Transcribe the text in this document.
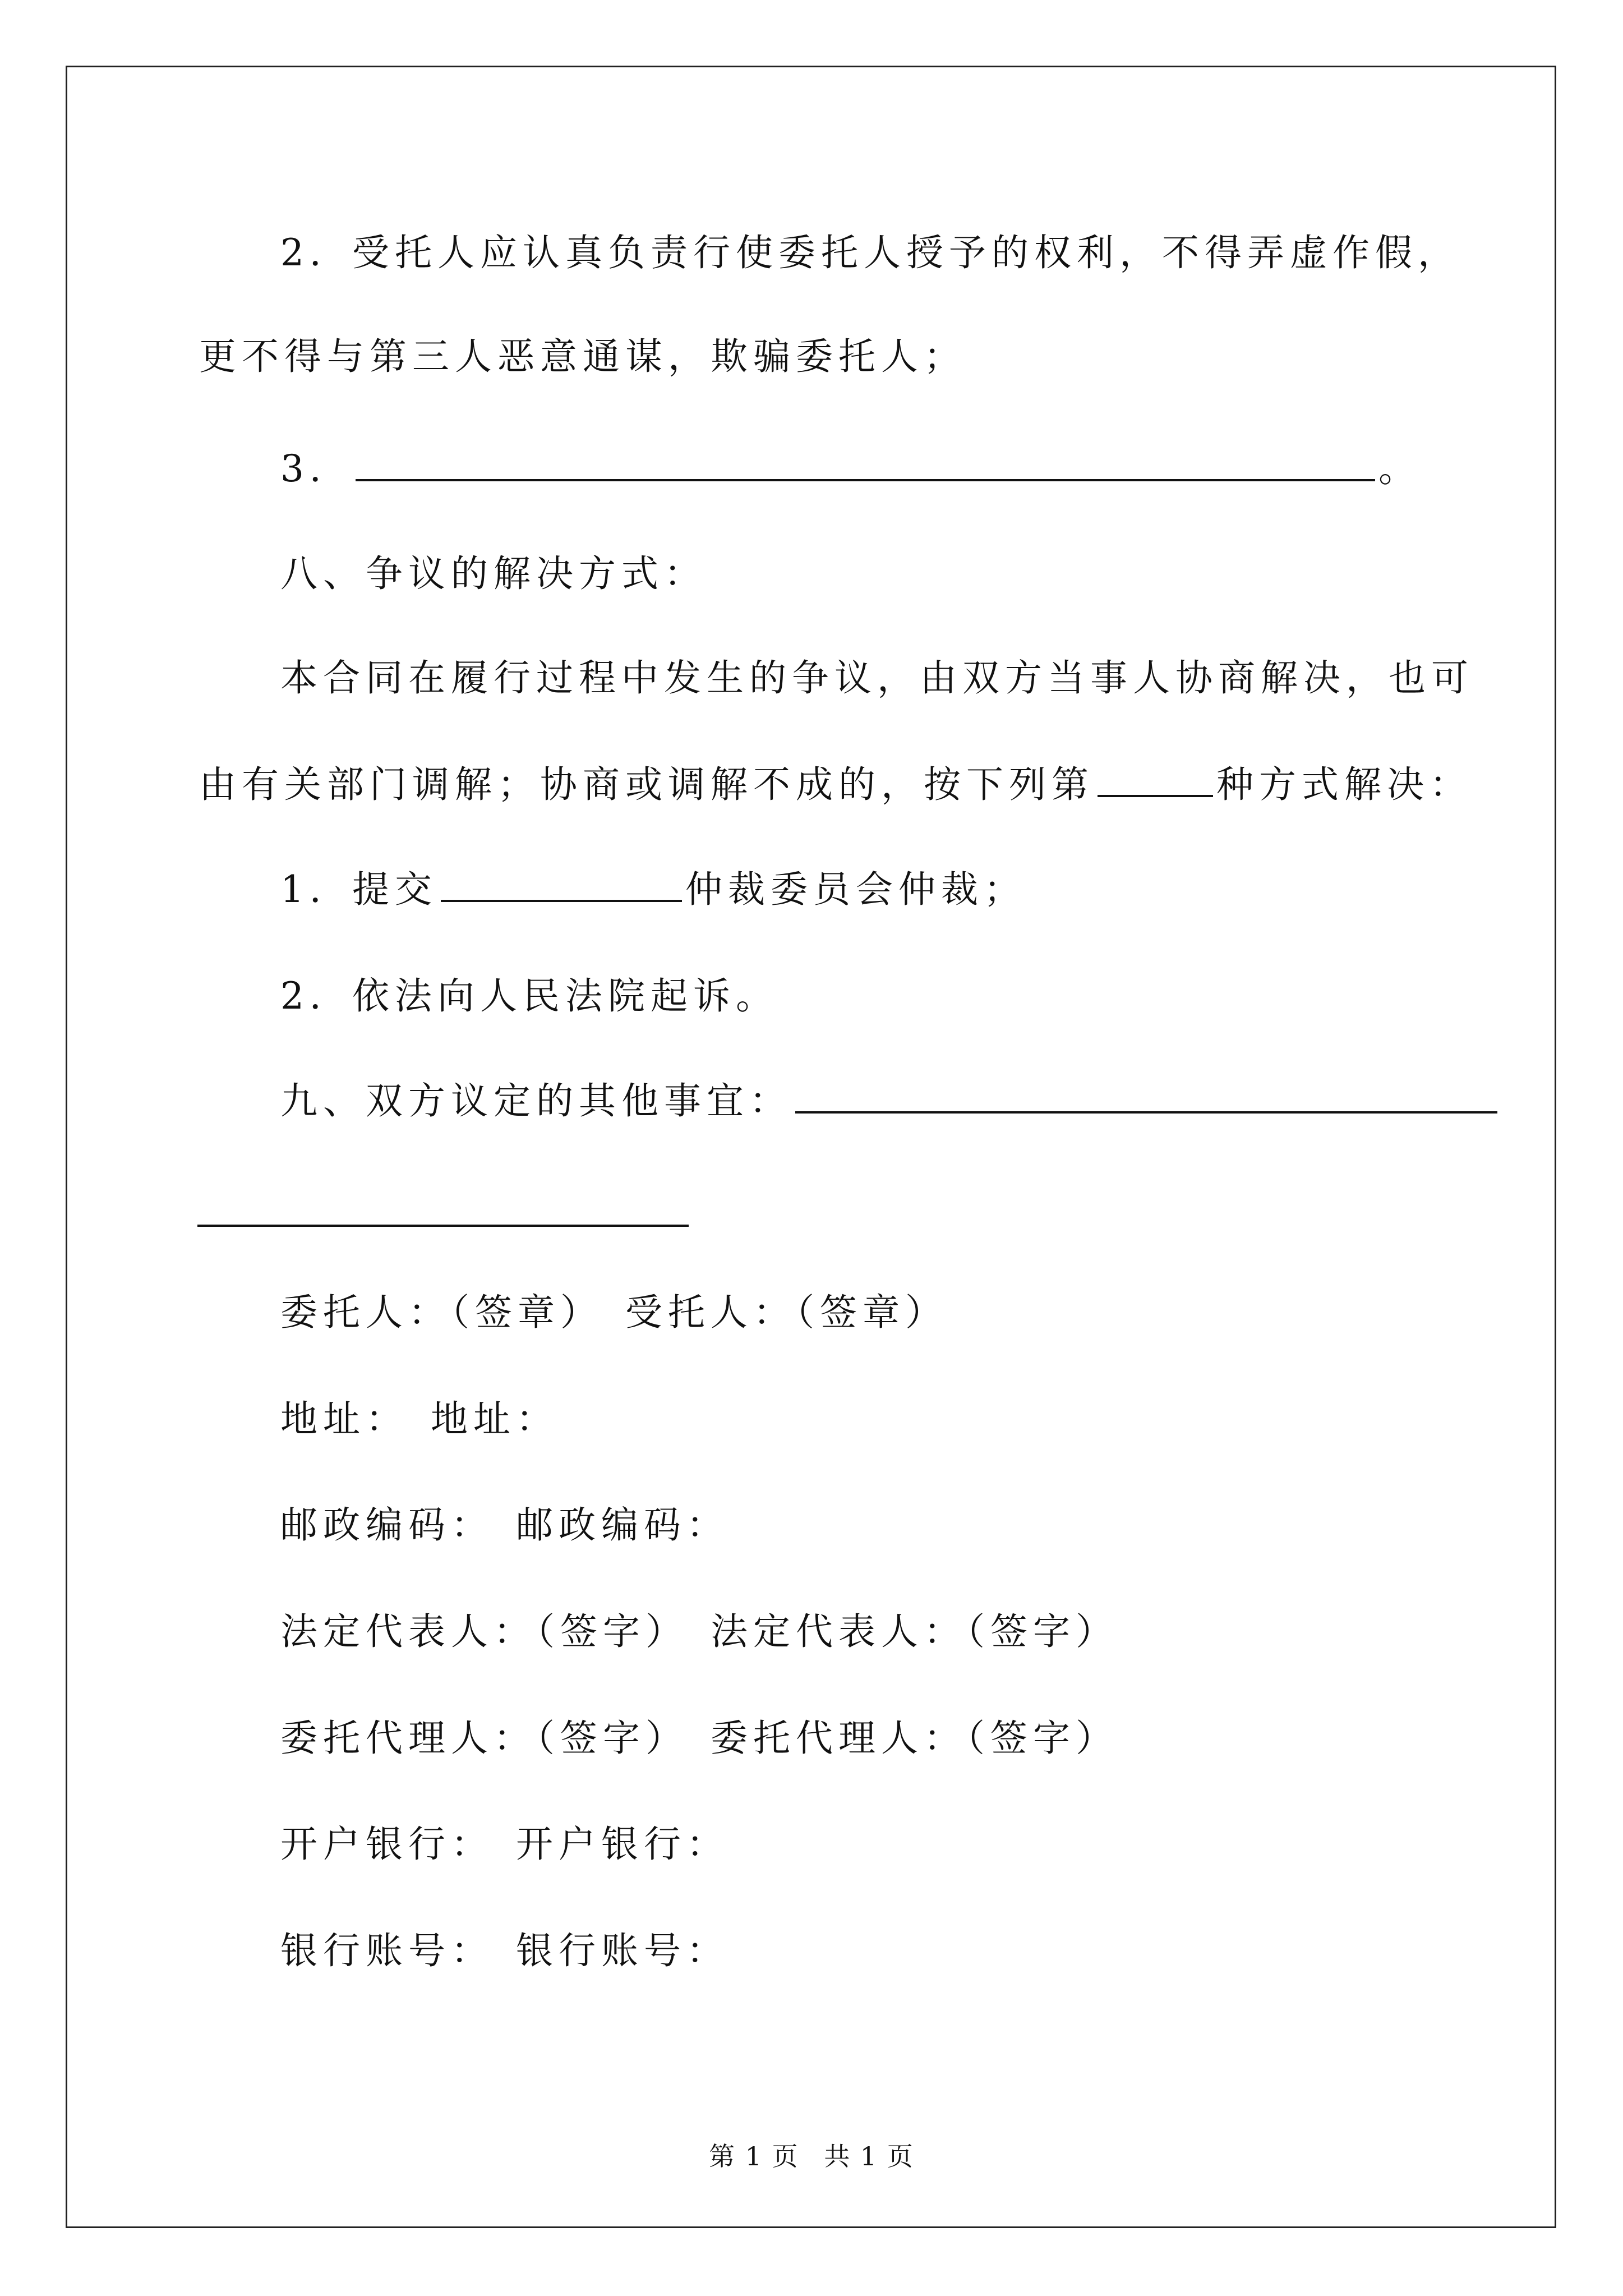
2．受托人应认真负责行使委托人授予的权利，不得弄虚作假，
更不得与第三人恶意通谋，欺骗委托人；
3．	。
八、争议的解决方式：
本合同在履行过程中发生的争议，由双方当事人协商解决，也可
由有关部门调解；协商或调解不成的，按下列第	种方式解决：
1．提交	仲裁委员会仲裁；
2．依法向人民法院起诉。
九、双方议定的其他事宜：
委托人：（签章） 受托人：（签章）
地址： 地址：
邮政编码： 邮政编码：
法定代表人：（签字） 法定代表人：（签字）
委托代理人：（签字） 委托代理人：（签字）
开户银行： 开户银行：
银行账号： 银行账号：
第 1 页 共 1 页
